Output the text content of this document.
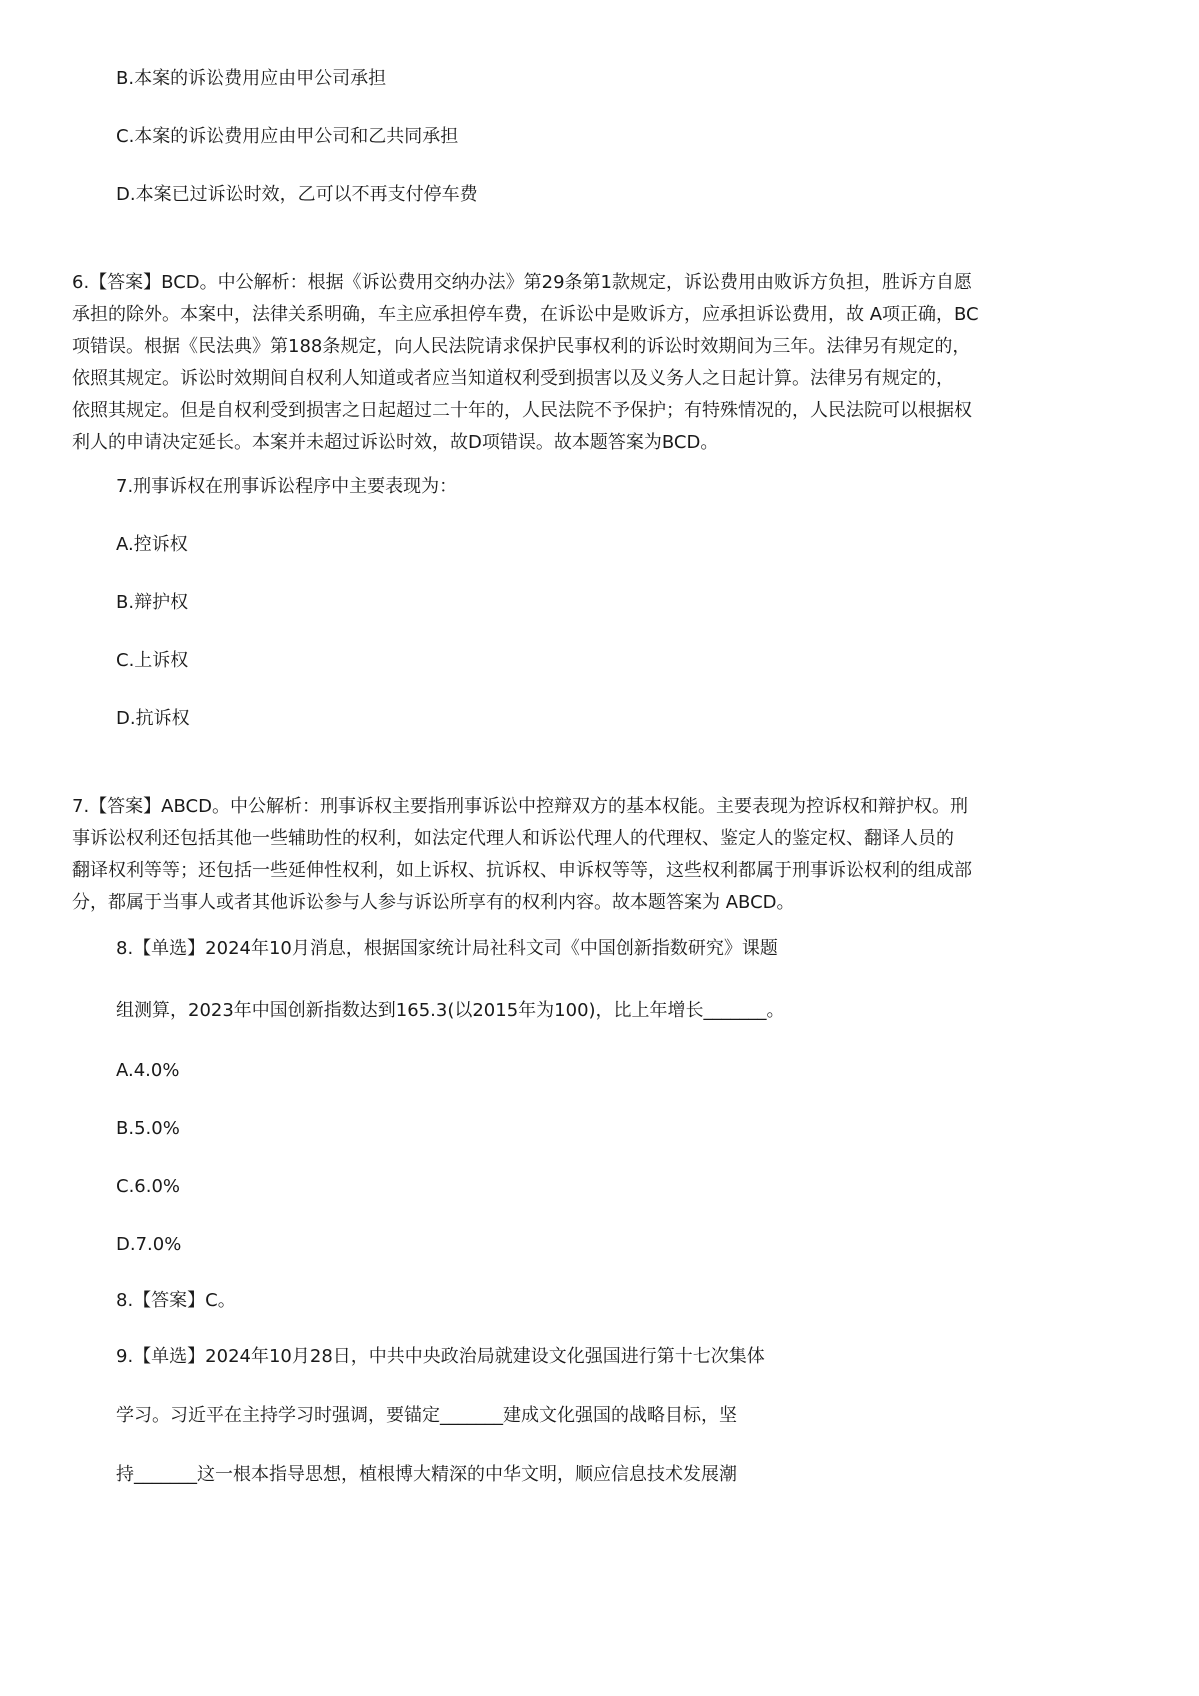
B.本案的诉讼费用应由甲公司承担
C.本案的诉讼费用应由甲公司和乙共同承担
D.本案已过诉讼时效，乙可以不再支付停车费
6.【答案】BCD。中公解析：根据《诉讼费用交纳办法》第29条第1款规定，诉讼费用由败诉方负担，胜诉方自愿
承担的除外。本案中，法律关系明确，车主应承担停车费，在诉讼中是败诉方，应承担诉讼费用，故 A项正确，BC
项错误。根据《民法典》第188条规定，向人民法院请求保护民事权利的诉讼时效期间为三年。法律另有规定的，
依照其规定。诉讼时效期间自权利人知道或者应当知道权利受到损害以及义务人之日起计算。法律另有规定的，
依照其规定。但是自权利受到损害之日起超过二十年的，人民法院不予保护；有特殊情况的，人民法院可以根据权
利人的申请决定延长。本案并未超过诉讼时效，故D项错误。故本题答案为BCD。
7.刑事诉权在刑事诉讼程序中主要表现为：
A.控诉权
B.辩护权
C.上诉权
D.抗诉权
7.【答案】ABCD。中公解析：刑事诉权主要指刑事诉讼中控辩双方的基本权能。主要表现为控诉权和辩护权。刑
事诉讼权利还包括其他一些辅助性的权利，如法定代理人和诉讼代理人的代理权、鉴定人的鉴定权、翻译人员的
翻译权利等等；还包括一些延伸性权利，如上诉权、抗诉权、申诉权等等，这些权利都属于刑事诉讼权利的组成部
分，都属于当事人或者其他诉讼参与人参与诉讼所享有的权利内容。故本题答案为 ABCD。
8.【单选】2024年10月消息，根据国家统计局社科文司《中国创新指数研究》课题
组测算，2023年中国创新指数达到165.3(以2015年为100)，比上年增长_______。
A.4.0%
B.5.0%
C.6.0%
D.7.0%
8.【答案】C。
9.【单选】2024年10月28日，中共中央政治局就建设文化强国进行第十七次集体
学习。习近平在主持学习时强调，要锚定_______建成文化强国的战略目标，坚
持_______这一根本指导思想，植根博大精深的中华文明，顺应信息技术发展潮
